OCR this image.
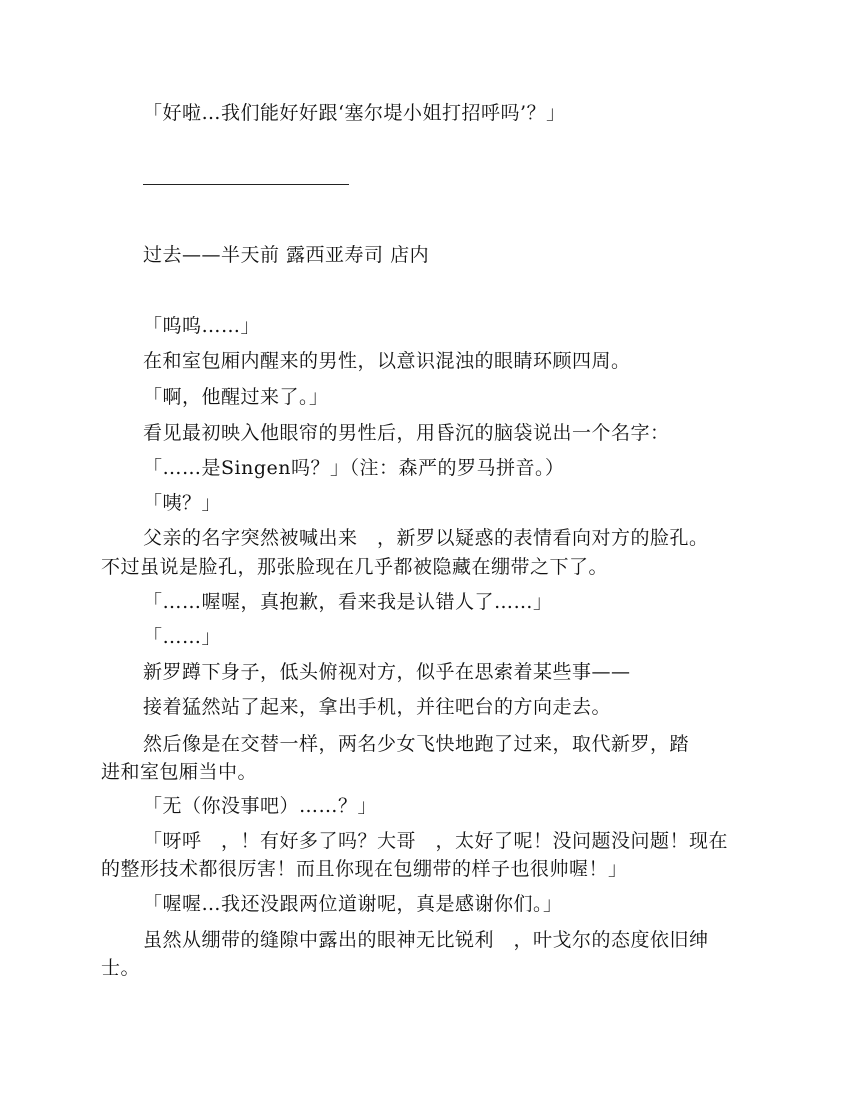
「好啦…我们能好好跟‘塞尔堤小姐打招呼吗’？」
过去——半天前 露西亚寿司 店内
「呜呜……」
在和室包厢内醒来的男性，以意识混浊的眼睛环顾四周。
「啊，他醒过来了。」
看见最初映入他眼帘的男性后，用昏沉的脑袋说出一个名字：
「……是Singen吗？」（注：森严的罗马拼音。）
「咦？」
父亲的名字突然被喊出来　，新罗以疑惑的表情看向对方的脸孔。
不过虽说是脸孔，那张脸现在几乎都被隐藏在绷带之下了。
「……喔喔，真抱歉，看来我是认错人了……」
「……」
新罗蹲下身子，低头俯视对方，似乎在思索着某些事——
接着猛然站了起来，拿出手机，并往吧台的方向走去。
然后像是在交替一样，两名少女飞快地跑了过来，取代新罗，踏
进和室包厢当中。
「无（你没事吧）……？」
「呀呼　，！有好多了吗？大哥　，太好了呢！没问题没问题！现在
的整形技术都很厉害！而且你现在包绷带的样子也很帅喔！」
「喔喔…我还没跟两位道谢呢，真是感谢你们。」
虽然从绷带的缝隙中露出的眼神无比锐利　，叶戈尔的态度依旧绅
士。
